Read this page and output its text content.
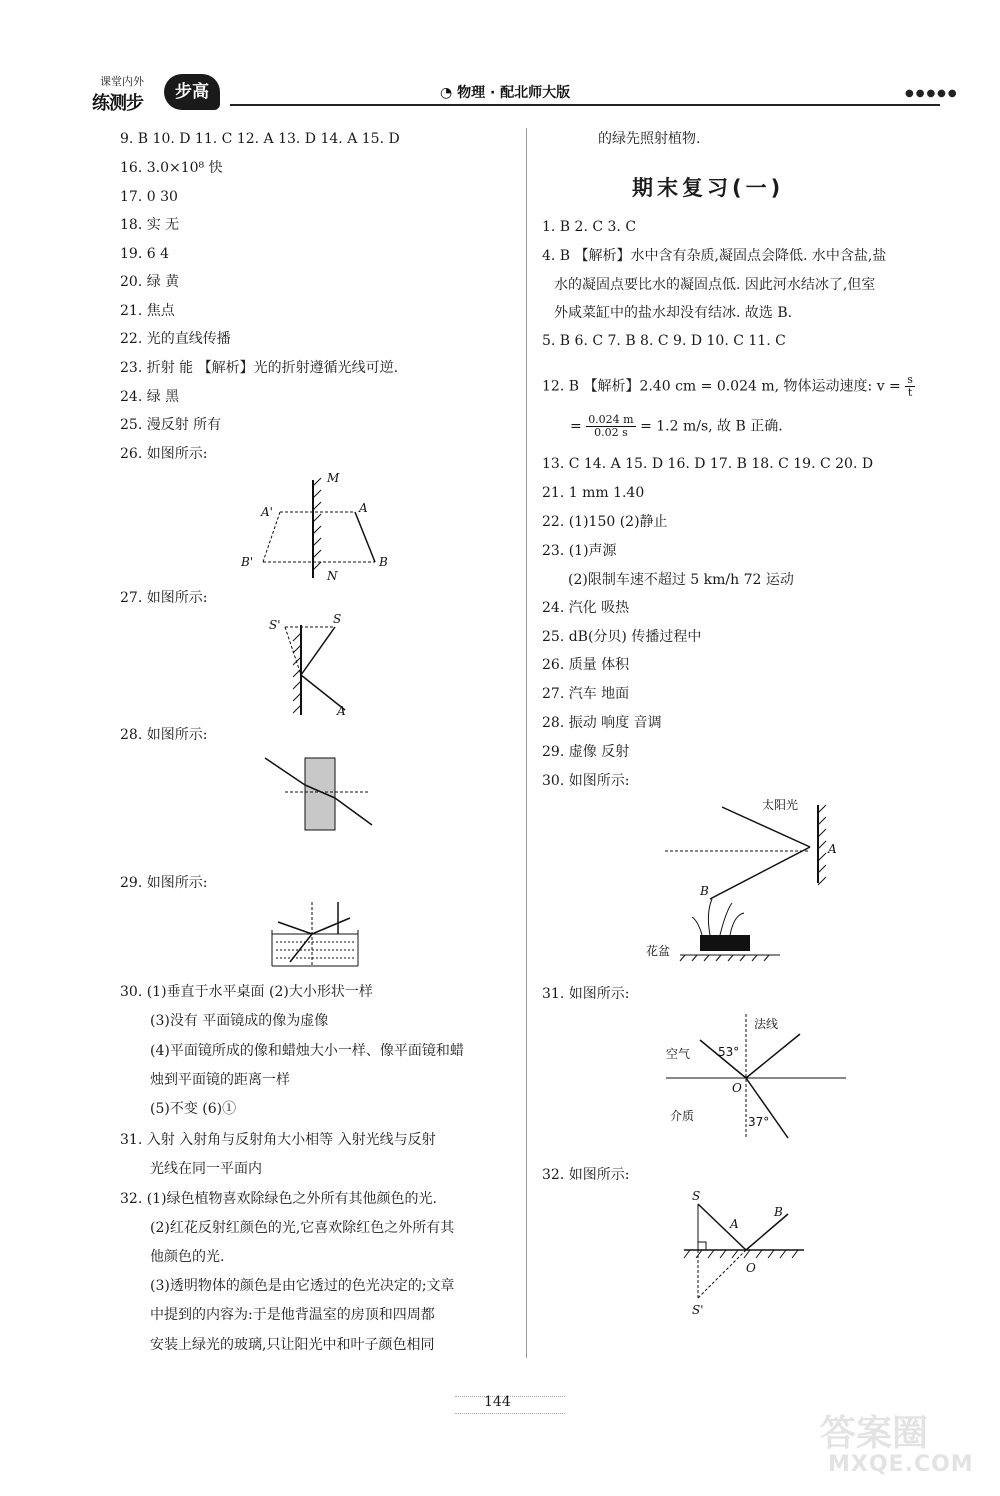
课堂内外
练测步
步高	◔ 物理 · 配北师大版	●●●●●
9. B 10. D 11. C 12. A 13. D 14. A 15. D
16. 3.0×10⁸ 快
17. 0 30
18. 实 无
19. 6 4
20. 绿 黄
21. 焦点
22. 光的直线传播
23. 折射 能 【解析】光的折射遵循光线可逆.
24. 绿 黑
25. 漫反射 所有
26. 如图所示:
M
N
A'	A
B'	B
27. 如图所示:
S'	S
A
28. 如图所示:
29. 如图所示:
30. (1)垂直于水平桌面 (2)大小形状一样
(3)没有 平面镜成的像为虚像
(4)平面镜所成的像和蜡烛大小一样、像平面镜和蜡
烛到平面镜的距离一样
(5)不变 (6)①
31. 入射 入射角与反射角大小相等 入射光线与反射
光线在同一平面内
32. (1)绿色植物喜欢除绿色之外所有其他颜色的光.
(2)红花反射红颜色的光,它喜欢除红色之外所有其
他颜色的光.
(3)透明物体的颜色是由它透过的色光决定的;文章
中提到的内容为:于是他背温室的房顶和四周都
安装上绿光的玻璃,只让阳光中和叶子颜色相同
的绿先照射植物.
期末复习(一)
1. B 2. C 3. C
4. B 【解析】水中含有杂质,凝固点会降低. 水中含盐,盐
水的凝固点要比水的凝固点低. 因此河水结冰了,但室
外咸菜缸中的盐水却没有结冰. 故选 B.
5. B 6. C 7. B 8. C 9. D 10. C 11. C
12. B 【解析】2.40 cm = 0.024 m, 物体运动速度: $v = \frac{s}{t}$
= $\frac{0.024 m}{0.02 s} = 1.2$ m/s, 故 B 正确.
13. C 14. A 15. D 16. D 17. B 18. C 19. C 20. D
21. 1 mm 1.40
22. (1)150 (2)静止
23. (1)声源
(2)限制车速不超过 5 km/h 72 运动
24. 汽化 吸热
25. dB(分贝) 传播过程中
26. 质量 体积
27. 汽车 地面
28. 振动 响度 音调
29. 虚像 反射
30. 如图所示:
太阳光
A
B
花盆
31. 如图所示:
法线
空气 53°
O
介质	37°
32. 如图所示:
S
A
B
O
S'
144
答案圈
MXQE.COM
